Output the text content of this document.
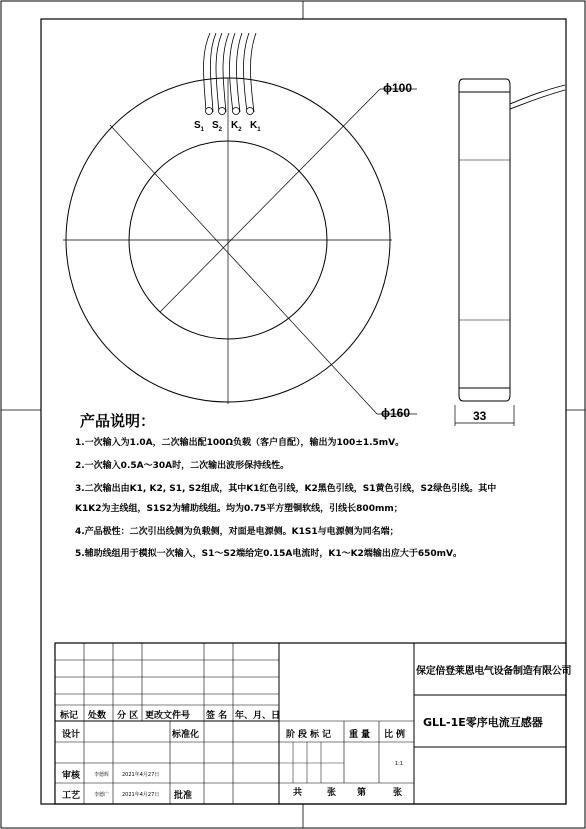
$S_1$ $S_2$ $K_2$ $K_1$
ϕ100
ϕ160	33
产品说明：
1.一次输入为1.0A，二次输出配100Ω负载（客户自配），输出为100±1.5mV。
2.一次输入0.5A～30A时，二次输出波形保持线性。
3.二次输出由K1, K2, S1, S2组成，其中K1红色引线，K2黑色引线，S1黄色引线，S2绿色引线。其中
K1K2为主线组，S1S2为辅助线组。均为0.75平方塑铜软线，引线长800mm；
4.产品极性：二次引出线侧为负载侧，对面是电源侧。K1S1与电源侧为同名端；
5.辅助线组用于模拟一次输入，S1～S2端给定0.15A电流时，K1～K2端输出应大于650mV。
保定倍登莱恩电气设备制造有限公司
GLL-1E零序电流互感器
标记 处数 分 区 更改文件号 签 名 年、月、日
设计	标准化
审核	李德辉	2021年4月27日
工艺	李德广	2021年4月27日 批准
阶段标记 重量 比例
1:1
共	张 第	张
